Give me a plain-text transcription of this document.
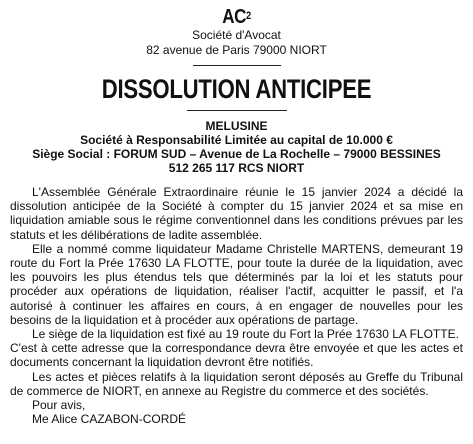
$AC^2$
Société d'Avocat
82 avenue de Paris 79000 NIORT
DISSOLUTION ANTICIPEE
MELUSINE
Société à Responsabilité Limitée au capital de 10.000 €
Siège Social : FORUM SUD – Avenue de La Rochelle – 79000 BESSINES
512 265 117 RCS NIORT

L'Assemblée Générale Extraordinaire réunie le 15 janvier 2024 a décidé la dissolution anticipée de la Société à compter du 15 janvier 2024 et sa mise en liquidation amiable sous le régime conventionnel dans les conditions prévues par les statuts et les délibérations de ladite assemblée.

Elle a nommé comme liquidateur Madame Christelle MARTENS, demeurant 19 route du Fort la Prée 17630 LA FLOTTE, pour toute la durée de la liquidation, avec les pouvoirs les plus étendus tels que déterminés par la loi et les statuts pour procéder aux opérations de liquidation, réaliser l'actif, acquitter le passif, et l'a autorisé à continuer les affaires en cours, à en engager de nouvelles pour les besoins de la liquidation et à procéder aux opérations de partage.

Le siège de la liquidation est fixé au 19 route du Fort la Prée 17630 LA FLOTTE.

C'est à cette adresse que la correspondance devra être envoyée et que les actes et documents concernant la liquidation devront être notifiés.

Les actes et pièces relatifs à la liquidation seront déposés au Greffe du Tribunal de commerce de NIORT, en annexe au Registre du commerce et des sociétés.

Pour avis,
Me Alice CAZABON-CORDÉ
